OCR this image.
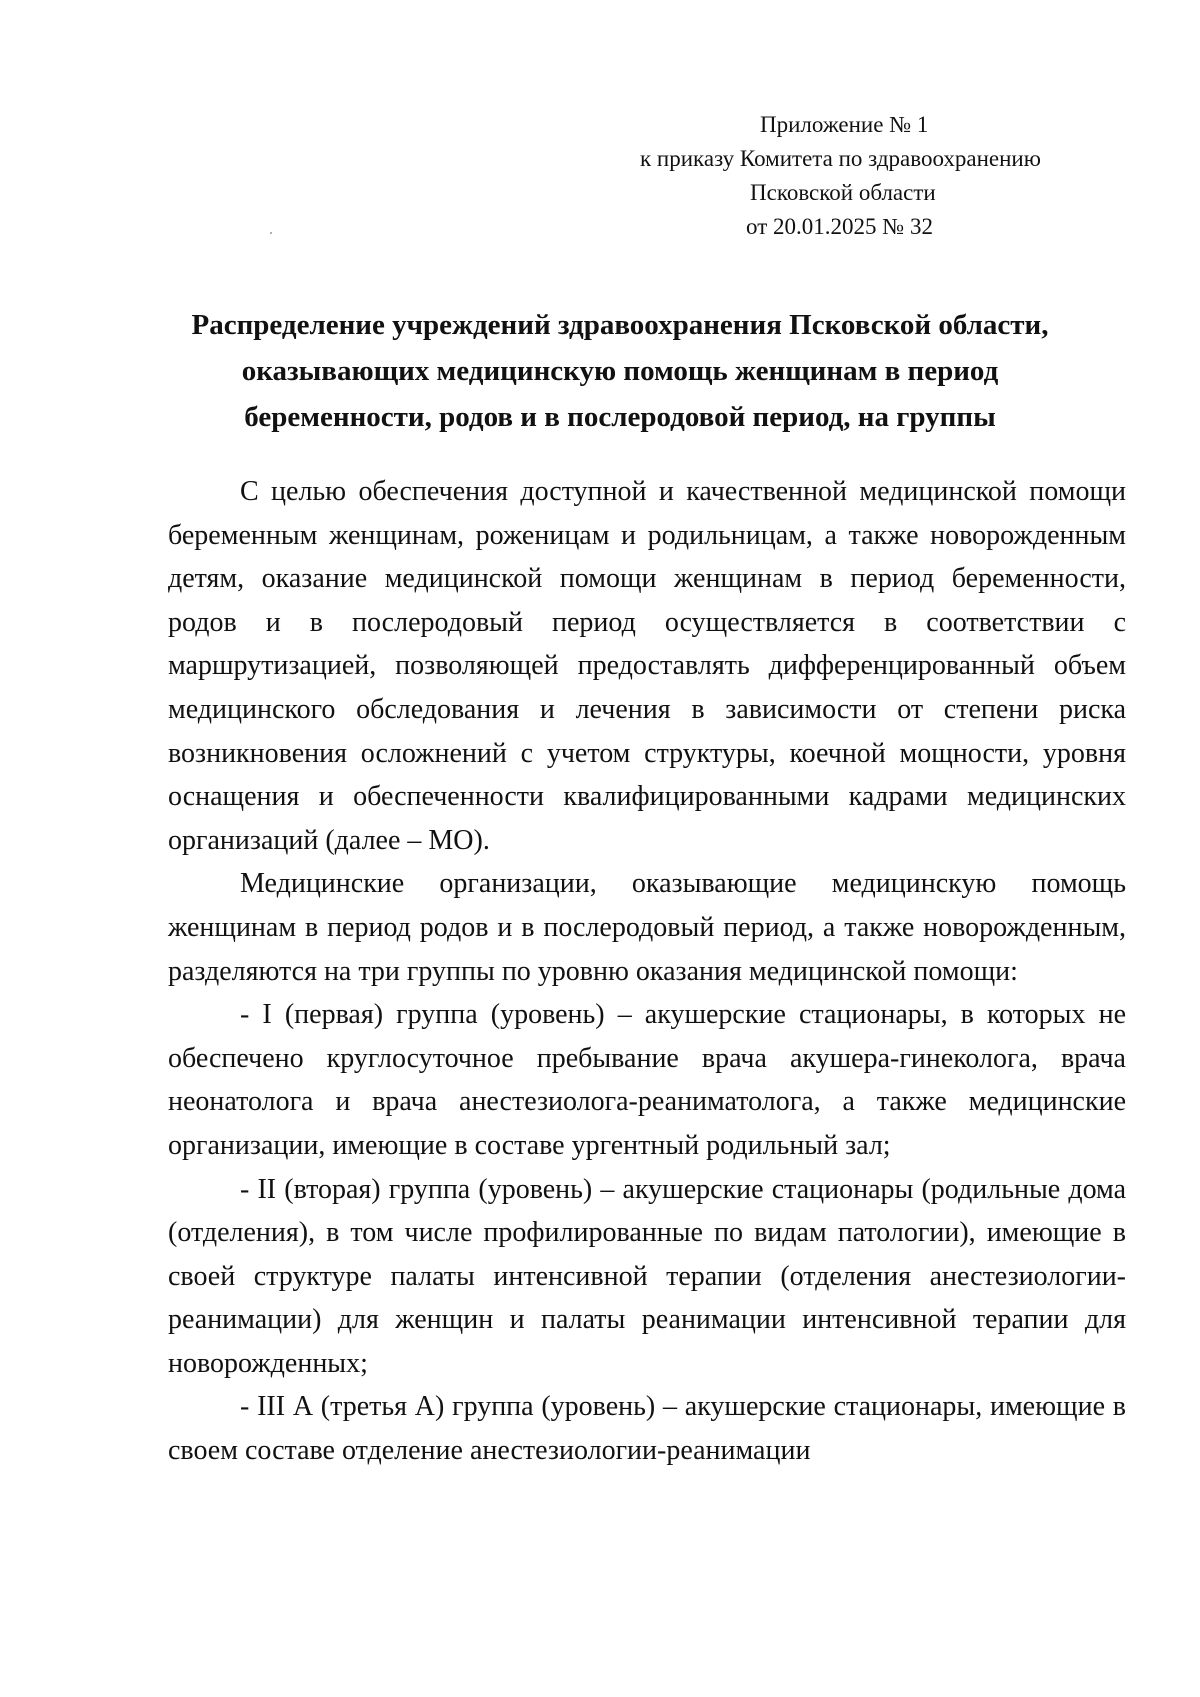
Приложение № 1
к приказу Комитета по здравоохранению
Псковской области
от 20.01.2025 № 32
Распределение учреждений здравоохранения Псковской области,
оказывающих медицинскую помощь женщинам в период
беременности, родов и в послеродовой период, на группы

С целью обеспечения доступной и качественной медицинской помощи беременным женщинам, роженицам и родильницам, а также новорожденным детям, оказание медицинской помощи женщинам в период беременности, родов и в послеродовый период осуществляется в соответствии с маршрутизацией, позволяющей предоставлять дифференцированный объем медицинского обследования и лечения в зависимости от степени риска возникновения осложнений с учетом структуры, коечной мощности, уровня оснащения и обеспеченности квалифицированными кадрами медицинских организаций (далее – МО).

Медицинские организации, оказывающие медицинскую помощь женщинам в период родов и в послеродовый период, а также новорожденным, разделяются на три группы по уровню оказания медицинской помощи:

- I (первая) группа (уровень) – акушерские стационары, в которых не обеспечено круглосуточное пребывание врача акушера-гинеколога, врача неонатолога и врача анестезиолога-реаниматолога, а также медицинские организации, имеющие в составе ургентный родильный зал;

- II (вторая) группа (уровень) – акушерские стационары (родильные дома (отделения), в том числе профилированные по видам патологии), имеющие в своей структуре палаты интенсивной терапии (отделения анестезиологии-реанимации) для женщин и палаты реанимации интенсивной терапии для новорожденных;

- III А (третья А) группа (уровень) – акушерские стационары, имеющие в своем составе отделение анестезиологии-реанимации
